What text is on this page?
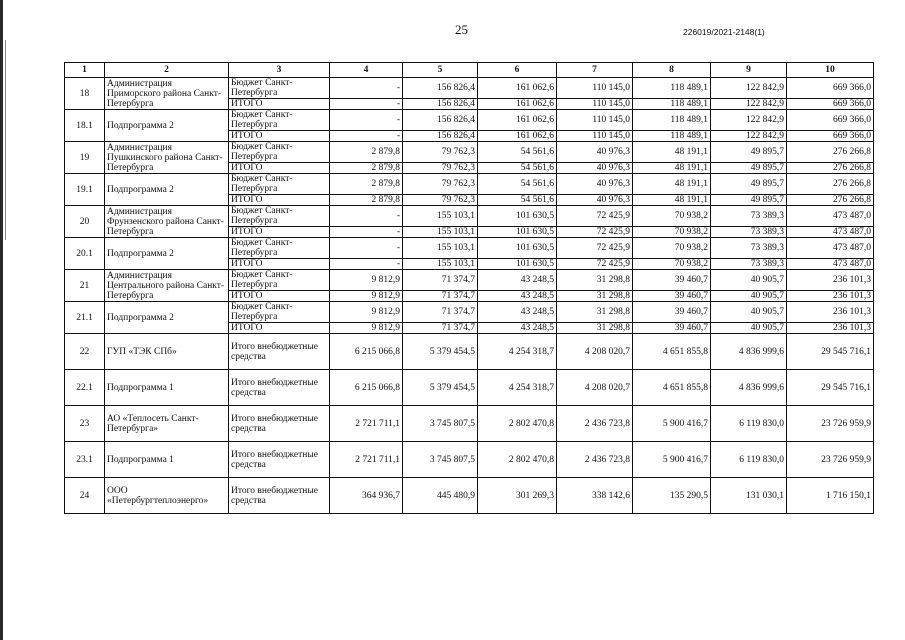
25	226019/2021-2148(1)
1	2	3	4	5	6	7	8	9	10
18	Администрация Приморского района Санкт-Петербурга	Бюджет Санкт-Петербурга	-	156 826,4	161 062,6	110 145,0	118 489,1	122 842,9	669 366,0
		ИТОГО	-	156 826,4	161 062,6	110 145,0	118 489,1	122 842,9	669 366,0
18.1	Подпрограмма 2	Бюджет Санкт-Петербурга	-	156 826,4	161 062,6	110 145,0	118 489,1	122 842,9	669 366,0
		ИТОГО	-	156 826,4	161 062,6	110 145,0	118 489,1	122 842,9	669 366,0
19	Администрация Пушкинского района Санкт-Петербурга	Бюджет Санкт-Петербурга	2 879,8	79 762,3	54 561,6	40 976,3	48 191,1	49 895,7	276 266,8
		ИТОГО	2 879,8	79 762,3	54 561,6	40 976,3	48 191,1	49 895,7	276 266,8
19.1	Подпрограмма 2	Бюджет Санкт-Петербурга	2 879,8	79 762,3	54 561,6	40 976,3	48 191,1	49 895,7	276 266,8
		ИТОГО	2 879,8	79 762,3	54 561,6	40 976,3	48 191,1	49 895,7	276 266,8
20	Администрация Фрунзенского района Санкт-Петербурга	Бюджет Санкт-Петербурга	-	155 103,1	101 630,5	72 425,9	70 938,2	73 389,3	473 487,0
		ИТОГО	-	155 103,1	101 630,5	72 425,9	70 938,2	73 389,3	473 487,0
20.1	Подпрограмма 2	Бюджет Санкт-Петербурга	-	155 103,1	101 630,5	72 425,9	70 938,2	73 389,3	473 487,0
		ИТОГО	-	155 103,1	101 630,5	72 425,9	70 938,2	73 389,3	473 487,0
21	Администрация Центрального района Санкт-Петербурга	Бюджет Санкт-Петербурга	9 812,9	71 374,7	43 248,5	31 298,8	39 460,7	40 905,7	236 101,3
		ИТОГО	9 812,9	71 374,7	43 248,5	31 298,8	39 460,7	40 905,7	236 101,3
21.1	Подпрограмма 2	Бюджет Санкт-Петербурга	9 812,9	71 374,7	43 248,5	31 298,8	39 460,7	40 905,7	236 101,3
		ИТОГО	9 812,9	71 374,7	43 248,5	31 298,8	39 460,7	40 905,7	236 101,3
22	ГУП «ТЭК СПб»	Итого внебюджетные средства	6 215 066,8	5 379 454,5	4 254 318,7	4 208 020,7	4 651 855,8	4 836 999,6	29 545 716,1
22.1	Подпрограмма 1	Итого внебюджетные средства	6 215 066,8	5 379 454,5	4 254 318,7	4 208 020,7	4 651 855,8	4 836 999,6	29 545 716,1
23	АО «Теплосеть Санкт-Петербурга»	Итого внебюджетные средства	2 721 711,1	3 745 807,5	2 802 470,8	2 436 723,8	5 900 416,7	6 119 830,0	23 726 959,9
23.1	Подпрограмма 1	Итого внебюджетные средства	2 721 711,1	3 745 807,5	2 802 470,8	2 436 723,8	5 900 416,7	6 119 830,0	23 726 959,9
24	ООО «Петербургтеплоэнерго»	Итого внебюджетные средства	364 936,7	445 480,9	301 269,3	338 142,6	135 290,5	131 030,1	1 716 150,1
